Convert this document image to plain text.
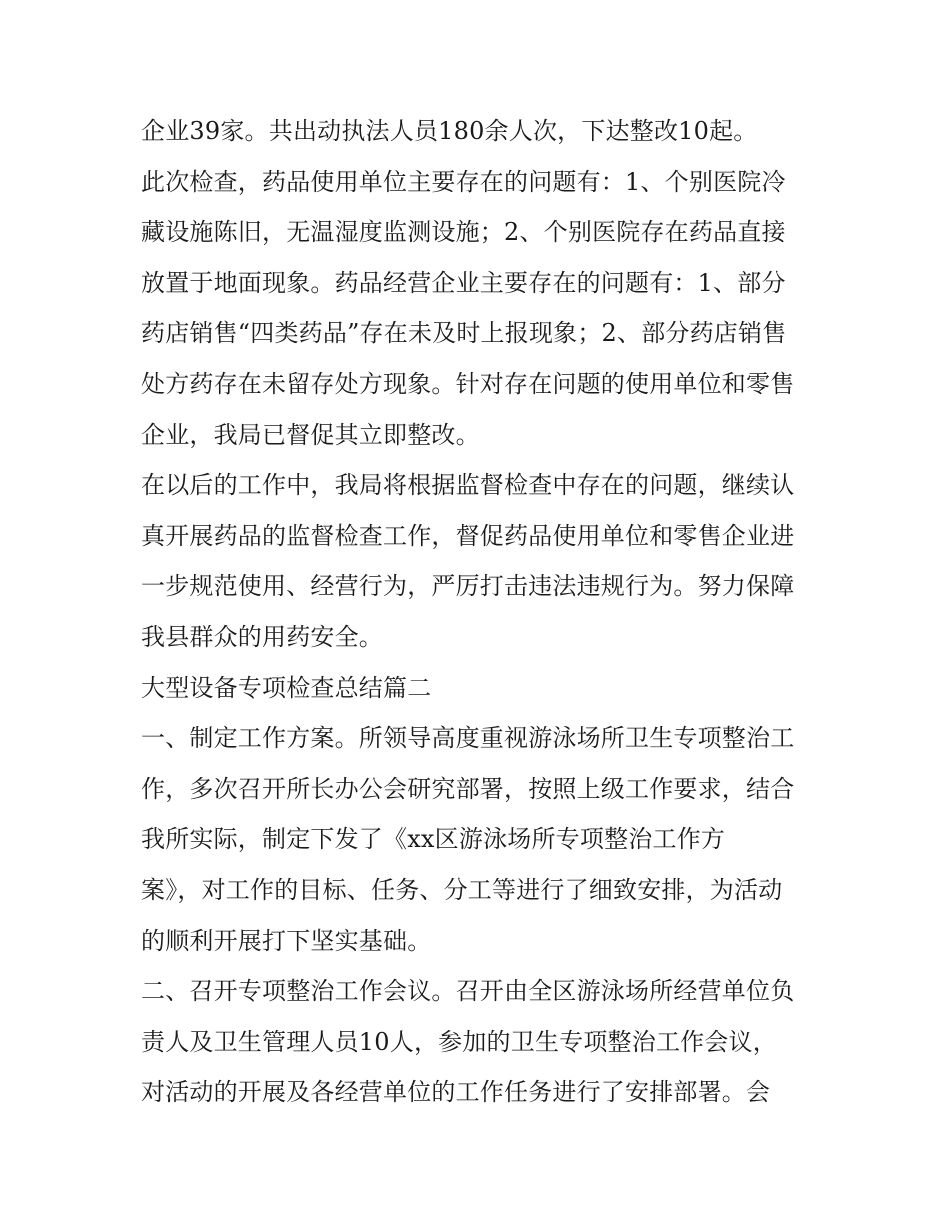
企业39家。共出动执法人员180余人次，下达整改10起。
此次检查，药品使用单位主要存在的问题有：1、个别医院冷
藏设施陈旧，无温湿度监测设施；2、个别医院存在药品直接
放置于地面现象。药品经营企业主要存在的问题有：1、部分
药店销售“四类药品”存在未及时上报现象；2、部分药店销售
处方药存在未留存处方现象。针对存在问题的使用单位和零售
企业，我局已督促其立即整改。
在以后的工作中，我局将根据监督检查中存在的问题，继续认
真开展药品的监督检查工作，督促药品使用单位和零售企业进
一步规范使用、经营行为，严厉打击违法违规行为。努力保障
我县群众的用药安全。
大型设备专项检查总结篇二
一、制定工作方案。所领导高度重视游泳场所卫生专项整治工
作，多次召开所长办公会研究部署，按照上级工作要求，结合
我所实际，制定下发了《xx区游泳场所专项整治工作方
案》，对工作的目标、任务、分工等进行了细致安排，为活动
的顺利开展打下坚实基础。
二、召开专项整治工作会议。召开由全区游泳场所经营单位负
责人及卫生管理人员10人，参加的卫生专项整治工作会议，
对活动的开展及各经营单位的工作任务进行了安排部署。会
